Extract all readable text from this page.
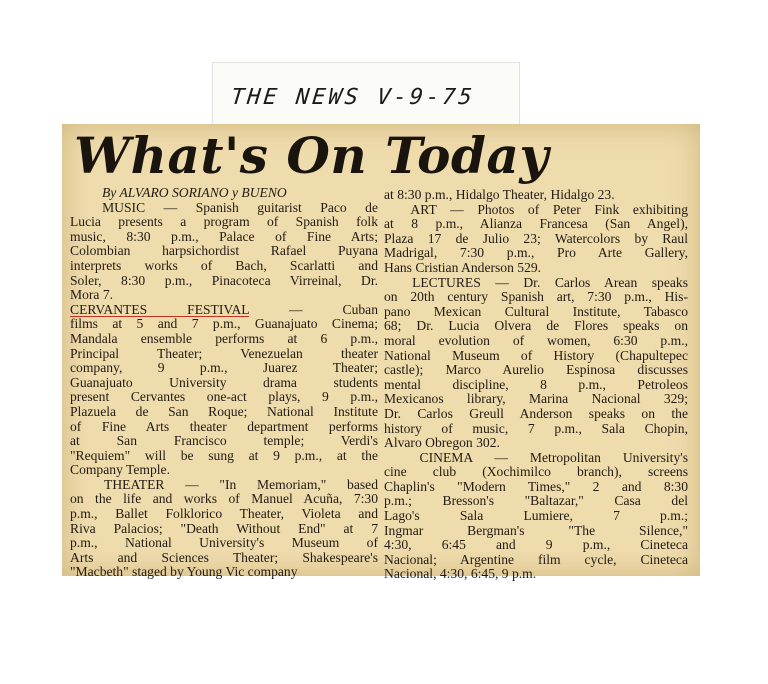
THE NEWS V-9-75
What's On Today
By ALVARO SORIANO y BUENO
  MUSIC — Spanish guitarist Paco de
Lucia presents a program of Spanish folk
music, 8:30 p.m., Palace of Fine Arts;
Colombian harpsichordist Rafael Puyana
interprets works of Bach, Scarlatti and
Soler, 8:30 p.m., Pinacoteca Virreinal, Dr.
Mora 7.
CERVANTES FESTIVAL — Cuban
films at 5 and 7 p.m., Guanajuato Cinema;
Mandala ensemble performs at 6 p.m.,
Principal Theater; Venezuelan theater
company, 9 p.m., Juarez Theater;
Guanajuato University drama students
present Cervantes one-act plays, 9 p.m.,
Plazuela de San Roque; National Institute
of Fine Arts theater department performs
at San Francisco temple; Verdi's
"Requiem" will be sung at 9 p.m., at the
Company Temple.
  THEATER — "In Memoriam," based
on the life and works of Manuel Acuña, 7:30
p.m., Ballet Folklorico Theater, Violeta and
Riva Palacios; "Death Without End" at 7
p.m., National University's Museum of
Arts and Sciences Theater; Shakespeare's
"Macbeth" staged by Young Vic company
at 8:30 p.m., Hidalgo Theater, Hidalgo 23.
  ART — Photos of Peter Fink exhibiting
at 8 p.m., Alianza Francesa (San Angel),
Plaza 17 de Julio 23; Watercolors by Raul
Madrigal, 7:30 p.m., Pro Arte Gallery,
Hans Cristian Anderson 529.
  LECTURES — Dr. Carlos Arean speaks
on 20th century Spanish art, 7:30 p.m., His-
pano Mexican Cultural Institute, Tabasco
68; Dr. Lucia Olvera de Flores speaks on
moral evolution of women, 6:30 p.m.,
National Museum of History (Chapultepec
castle); Marco Aurelio Espinosa discusses
mental discipline, 8 p.m., Petroleos
Mexicanos library, Marina Nacional 329;
Dr. Carlos Greull Anderson speaks on the
history of music, 7 p.m., Sala Chopin,
Alvaro Obregon 302.
  CINEMA — Metropolitan University's
cine club (Xochimilco branch), screens
Chaplin's "Modern Times," 2 and 8:30
p.m.; Bresson's "Baltazar," Casa del
Lago's Sala Lumiere, 7 p.m.;
Ingmar Bergman's "The Silence,"
4:30, 6:45 and 9 p.m., Cineteca
Nacional; Argentine film cycle, Cineteca
Nacional, 4:30, 6:45, 9 p.m.
